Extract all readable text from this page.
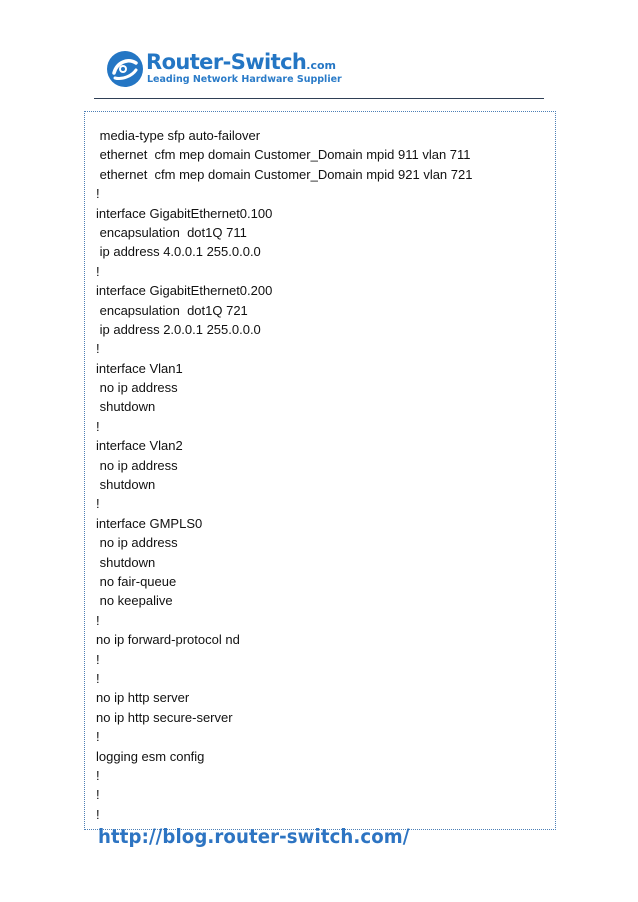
Router-Switch.com
Leading Network Hardware Supplier
media-type sfp auto-failover
ethernet  cfm mep domain Customer_Domain mpid 911 vlan 711
ethernet  cfm mep domain Customer_Domain mpid 921 vlan 721
!
interface GigabitEthernet0.100
encapsulation  dot1Q 711
ip address 4.0.0.1 255.0.0.0
!
interface GigabitEthernet0.200
encapsulation  dot1Q 721
ip address 2.0.0.1 255.0.0.0
!
interface Vlan1
no ip address
shutdown
!
interface Vlan2
no ip address
shutdown
!
interface GMPLS0
no ip address
shutdown
no fair-queue
no keepalive
!
no ip forward-protocol nd
!
!
no ip http server
no ip http secure-server
!
logging esm config
!
!
!
http://blog.router-switch.com/
